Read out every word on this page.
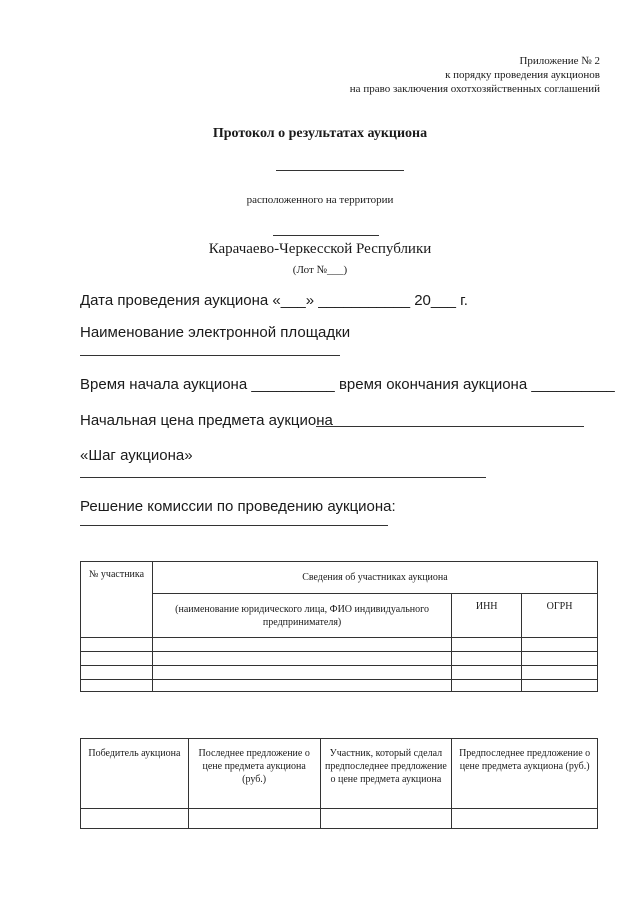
Приложение № 2
к порядку проведения аукционов
на право заключения охотхозяйственных соглашений
Протокол о результатах аукциона
расположенного на территории
Карачаево-Черкесской Республики
(Лот №___)
Дата проведения аукциона «___» ___________ 20___ г.
Наименование электронной площадки
Время начала аукциона __________ время окончания аукциона __________
Начальная цена предмета аукциона
«Шаг аукциона»
Решение комиссии по проведению аукциона:
№ участника	Сведения об участниках аукциона		
	(наименование юридического лица, ФИО индивидуального предпринимателя)	ИНН	ОГРН

Победитель аукциона	Последнее предложение о цене предмета аукциона (руб.)	Участник, который сделал предпоследнее предложение о цене предмета аукциона	Предпоследнее предложение о цене предмета аукциона (руб.)
